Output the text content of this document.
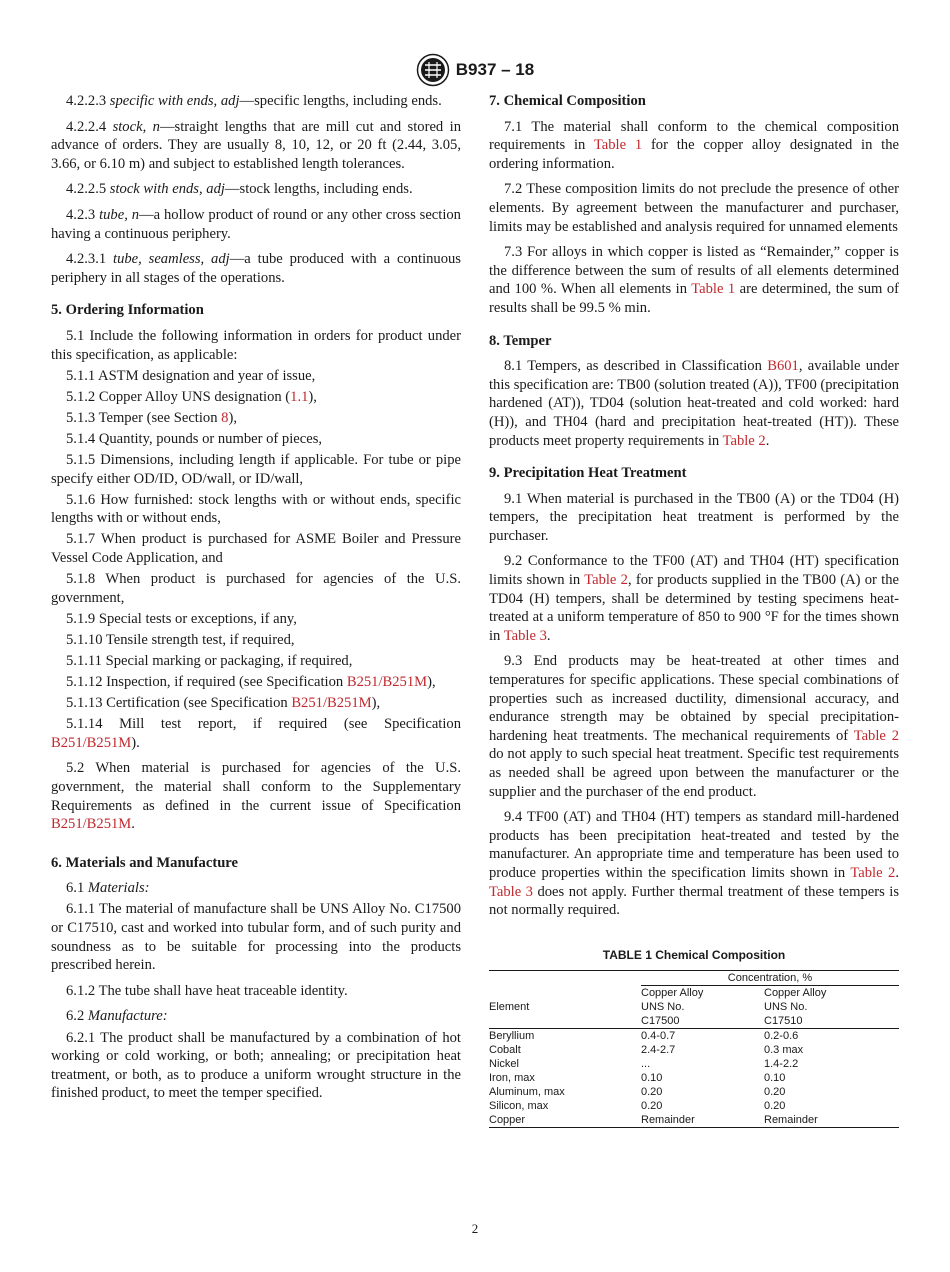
B937 – 18

4.2.2.3 specific with ends, adj—specific lengths, including ends.

4.2.2.4 stock, n—straight lengths that are mill cut and stored in advance of orders. They are usually 8, 10, 12, or 20 ft (2.44, 3.05, 3.66, or 6.10 m) and subject to established length tolerances.

4.2.2.5 stock with ends, adj—stock lengths, including ends.

4.2.3 tube, n—a hollow product of round or any other cross section having a continuous periphery.

4.2.3.1 tube, seamless, adj—a tube produced with a continuous periphery in all stages of the operations.

5. Ordering Information

5.1 Include the following information in orders for product under this specification, as applicable:

5.1.1 ASTM designation and year of issue,

5.1.2 Copper Alloy UNS designation (1.1),

5.1.3 Temper (see Section 8),

5.1.4 Quantity, pounds or number of pieces,

5.1.5 Dimensions, including length if applicable. For tube or pipe specify either OD/ID, OD/wall, or ID/wall,

5.1.6 How furnished: stock lengths with or without ends, specific lengths with or without ends,

5.1.7 When product is purchased for ASME Boiler and Pressure Vessel Code Application, and

5.1.8 When product is purchased for agencies of the U.S. government,

5.1.9 Special tests or exceptions, if any,

5.1.10 Tensile strength test, if required,

5.1.11 Special marking or packaging, if required,

5.1.12 Inspection, if required (see Specification B251/B251M),

5.1.13 Certification (see Specification B251/B251M),

5.1.14 Mill test report, if required (see Specification B251/B251M).

5.2 When material is purchased for agencies of the U.S. government, the material shall conform to the Supplementary Requirements as defined in the current issue of Specification B251/B251M.

6. Materials and Manufacture

6.1 Materials:

6.1.1 The material of manufacture shall be UNS Alloy No. C17500 or C17510, cast and worked into tubular form, and of such purity and soundness as to be suitable for processing into the products prescribed herein.

6.1.2 The tube shall have heat traceable identity.

6.2 Manufacture:

6.2.1 The product shall be manufactured by a combination of hot working or cold working, or both; annealing; or precipitation heat treatment, or both, as to produce a uniform wrought structure in the finished product, to meet the temper specified.

7. Chemical Composition

7.1 The material shall conform to the chemical composition requirements in Table 1 for the copper alloy designated in the ordering information.

7.2 These composition limits do not preclude the presence of other elements. By agreement between the manufacturer and purchaser, limits may be established and analysis required for unnamed elements

7.3 For alloys in which copper is listed as “Remainder,” copper is the difference between the sum of results of all elements determined and 100 %. When all elements in Table 1 are determined, the sum of results shall be 99.5 % min.

8. Temper

8.1 Tempers, as described in Classification B601, available under this specification are: TB00 (solution treated (A)), TF00 (precipitation hardened (AT)), TD04 (solution heat-treated and cold worked: hard (H)), and TH04 (hard and precipitation heat-treated (HT)). These products meet property requirements in Table 2.

9. Precipitation Heat Treatment

9.1 When material is purchased in the TB00 (A) or the TD04 (H) tempers, the precipitation heat treatment is performed by the purchaser.

9.2 Conformance to the TF00 (AT) and TH04 (HT) specification limits shown in Table 2, for products supplied in the TB00 (A) or the TD04 (H) tempers, shall be determined by testing specimens heat-treated at a uniform temperature of 850 to 900 °F for the times shown in Table 3.

9.3 End products may be heat-treated at other times and temperatures for specific applications. These special combinations of properties such as increased ductility, dimensional accuracy, and endurance strength may be obtained by special precipitation-hardening heat treatments. The mechanical requirements of Table 2 do not apply to such special heat treatment. Specific test requirements as needed shall be agreed upon between the manufacturer or the supplier and the purchaser of the end product.

9.4 TF00 (AT) and TH04 (HT) tempers as standard mill-hardened products has been precipitation heat-treated and tested by the manufacturer. An appropriate time and temperature has been used to produce properties within the specification limits shown in Table 2. Table 3 does not apply. Further thermal treatment of these tempers is not normally required.

TABLE 1 Chemical Composition
	Concentration, %	
	Copper Alloy	Copper Alloy
Element	UNS No.	UNS No.
	C17500	C17510
Beryllium	0.4-0.7	0.2-0.6
Cobalt	2.4-2.7	0.3 max
Nickel	...	1.4-2.2
Iron, max	0.10	0.10
Aluminum, max	0.20	0.20
Silicon, max	0.20	0.20
Copper	Remainder	Remainder
2
